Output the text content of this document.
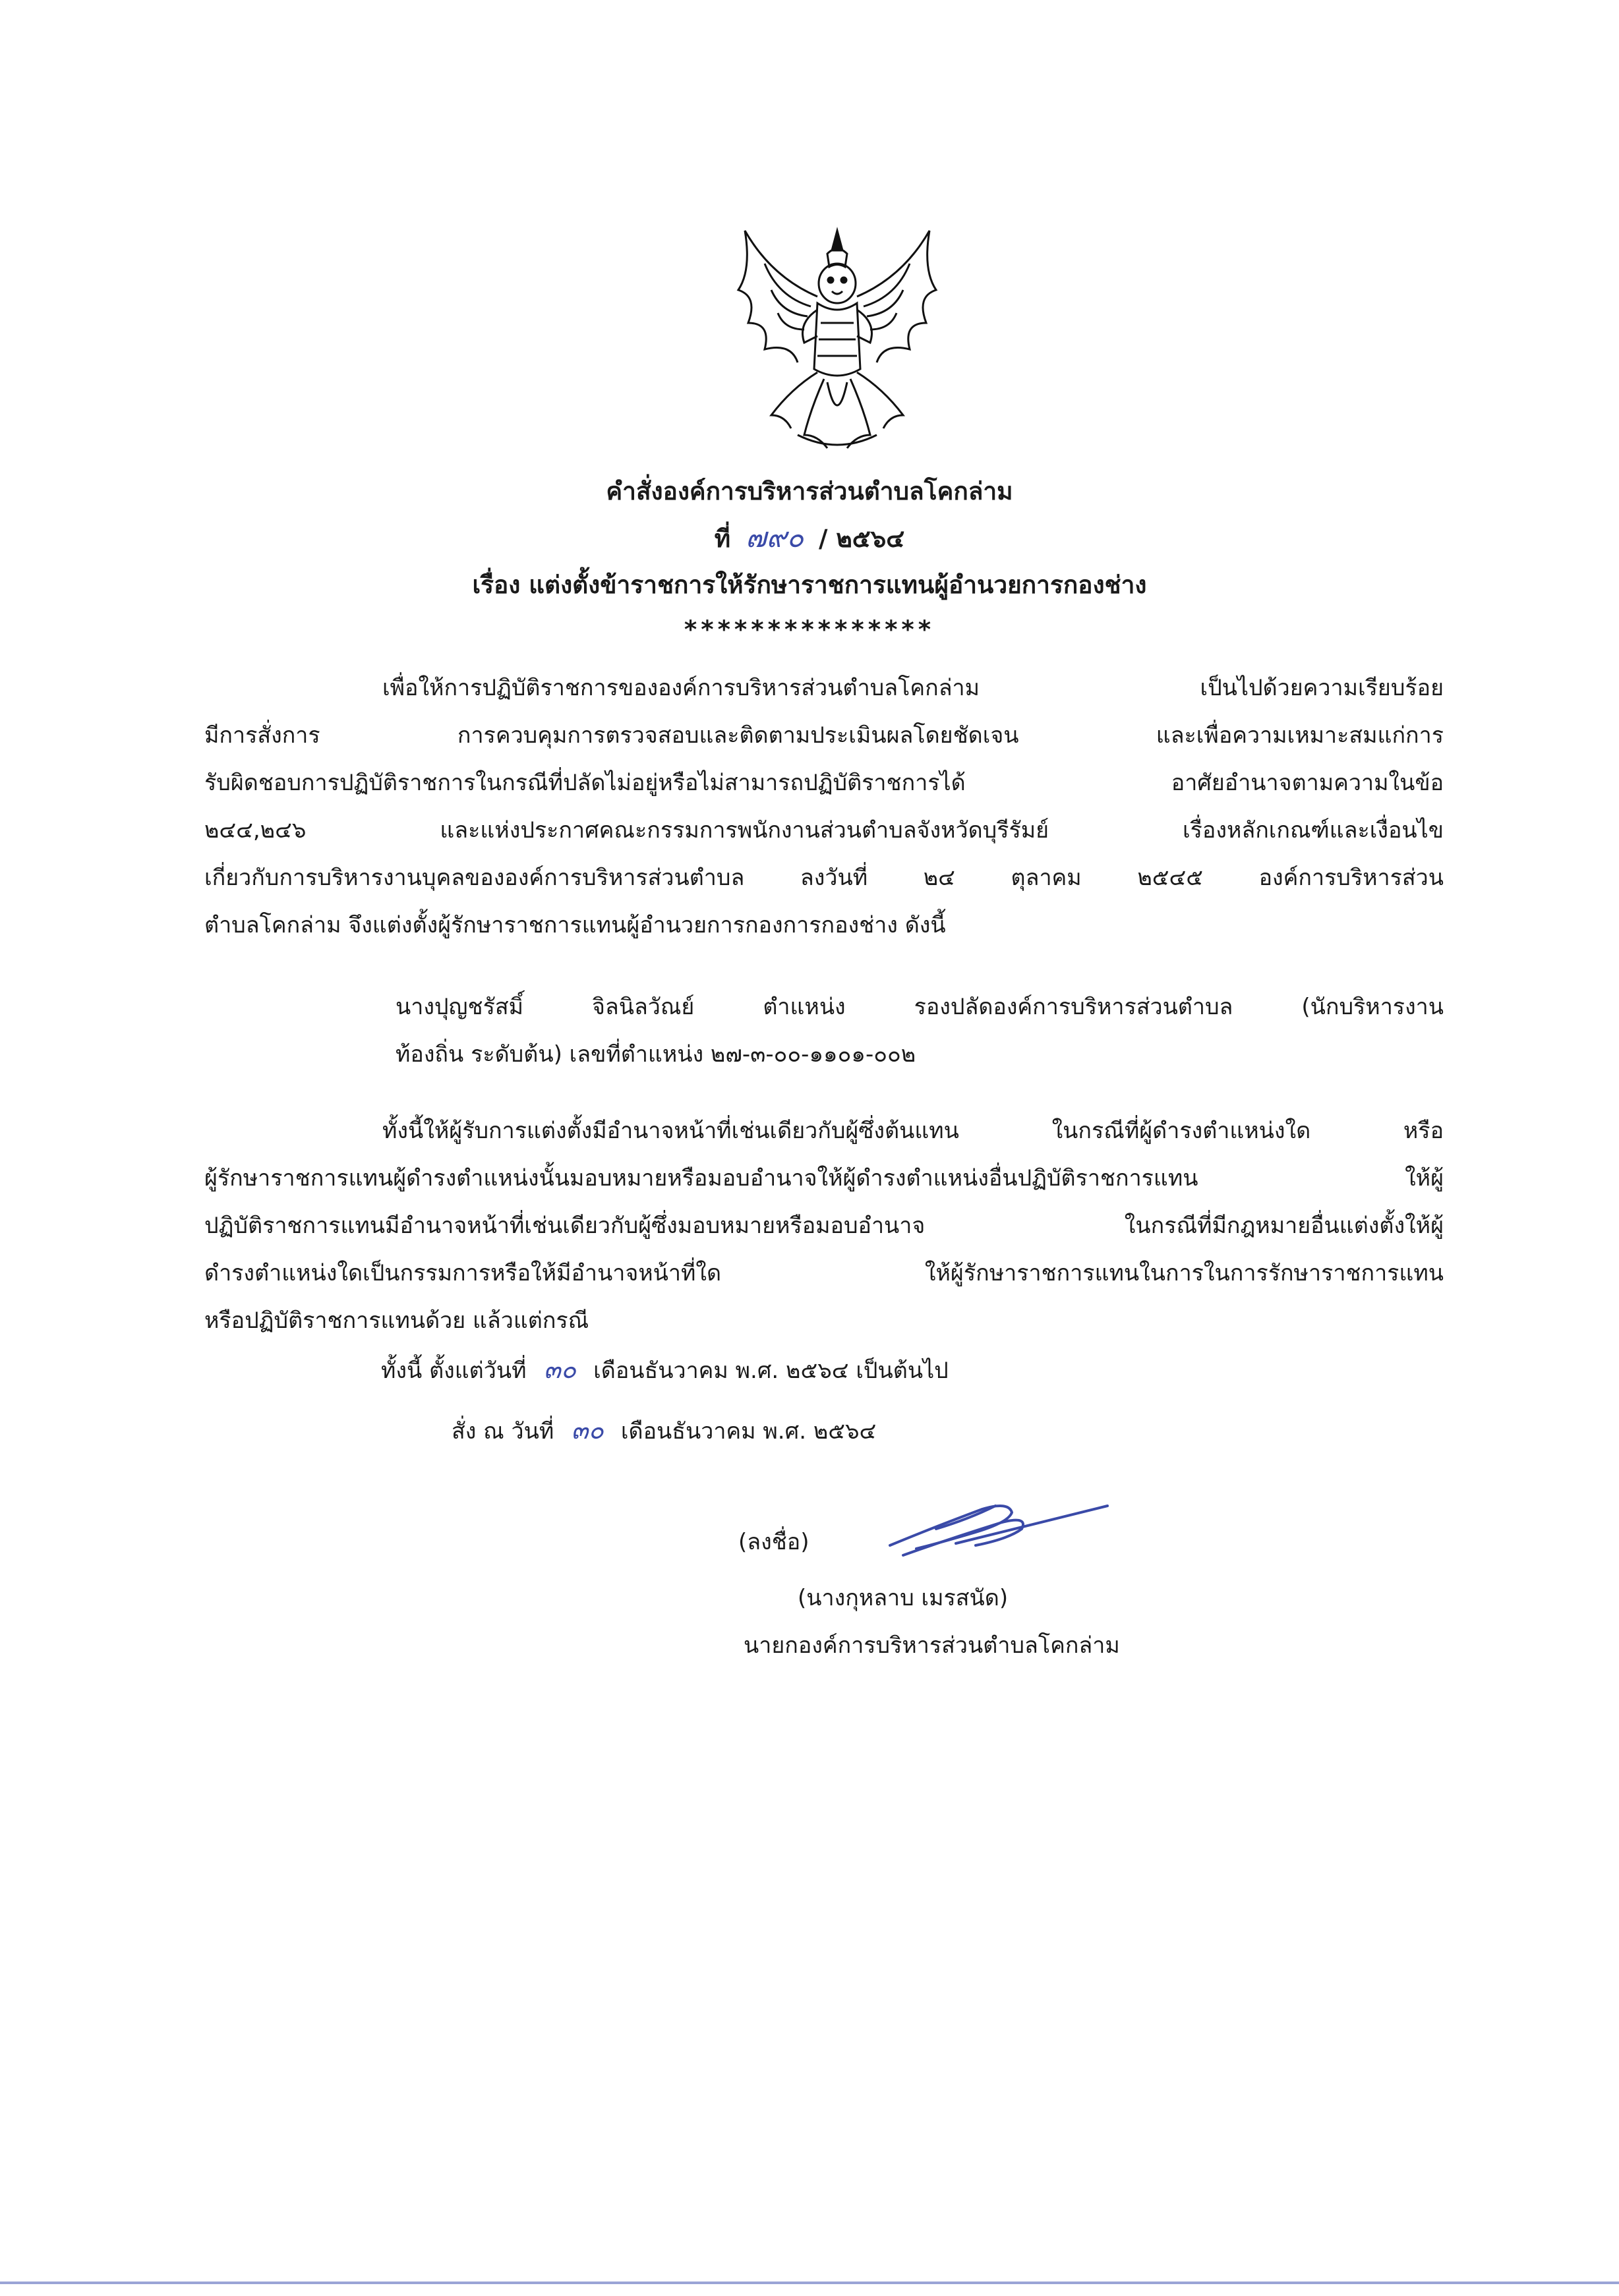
คำสั่งองค์การบริหารส่วนตำบลโคกล่าม
ที่ ๗๙๐ / ๒๕๖๔
เรื่อง แต่งตั้งข้าราชการให้รักษาราชการแทนผู้อำนวยการกองช่าง
***************
เพื่อให้การปฏิบัติราชการขององค์การบริหารส่วนตำบลโคกล่าม เป็นไปด้วยความเรียบร้อย
มีการสั่งการ การควบคุมการตรวจสอบและติดตามประเมินผลโดยชัดเจน และเพื่อความเหมาะสมแก่การ
รับผิดชอบการปฏิบัติราชการในกรณีที่ปลัดไม่อยู่หรือไม่สามารถปฏิบัติราชการได้ อาศัยอำนาจตามความในข้อ
๒๔๔,๒๔๖ และแห่งประกาศคณะกรรมการพนักงานส่วนตำบลจังหวัดบุรีรัมย์ เรื่องหลักเกณฑ์และเงื่อนไข
เกี่ยวกับการบริหารงานบุคลขององค์การบริหารส่วนตำบล ลงวันที่ ๒๔ ตุลาคม ๒๕๔๕ องค์การบริหารส่วน
ตำบลโคกล่าม จึงแต่งตั้งผู้รักษาราชการแทนผู้อำนวยการกองการกองช่าง ดังนี้
นางปุญชรัสมิ์ จิลนิลวัณย์ ตำแหน่ง รองปลัดองค์การบริหารส่วนตำบล (นักบริหารงาน
ท้องถิ่น ระดับต้น) เลขที่ตำแหน่ง ๒๗-๓-๐๐-๑๑๐๑-๐๐๒
ทั้งนี้ให้ผู้รับการแต่งตั้งมีอำนาจหน้าที่เช่นเดียวกับผู้ซึ่งต้นแทน ในกรณีที่ผู้ดำรงตำแหน่งใด หรือ
ผู้รักษาราชการแทนผู้ดำรงตำแหน่งนั้นมอบหมายหรือมอบอำนาจให้ผู้ดำรงตำแหน่งอื่นปฏิบัติราชการแทน ให้ผู้
ปฏิบัติราชการแทนมีอำนาจหน้าที่เช่นเดียวกับผู้ซึ่งมอบหมายหรือมอบอำนาจ ในกรณีที่มีกฎหมายอื่นแต่งตั้งให้ผู้
ดำรงตำแหน่งใดเป็นกรรมการหรือให้มีอำนาจหน้าที่ใด ให้ผู้รักษาราชการแทนในการในการรักษาราชการแทน
หรือปฏิบัติราชการแทนด้วย แล้วแต่กรณี
ทั้งนี้ ตั้งแต่วันที่ ๓๐ เดือนธันวาคม พ.ศ. ๒๕๖๔ เป็นต้นไป
สั่ง ณ วันที่ ๓๐ เดือนธันวาคม พ.ศ. ๒๕๖๔
(ลงชื่อ)
(นางกุหลาบ เมรสนัด)
นายกองค์การบริหารส่วนตำบลโคกล่าม
